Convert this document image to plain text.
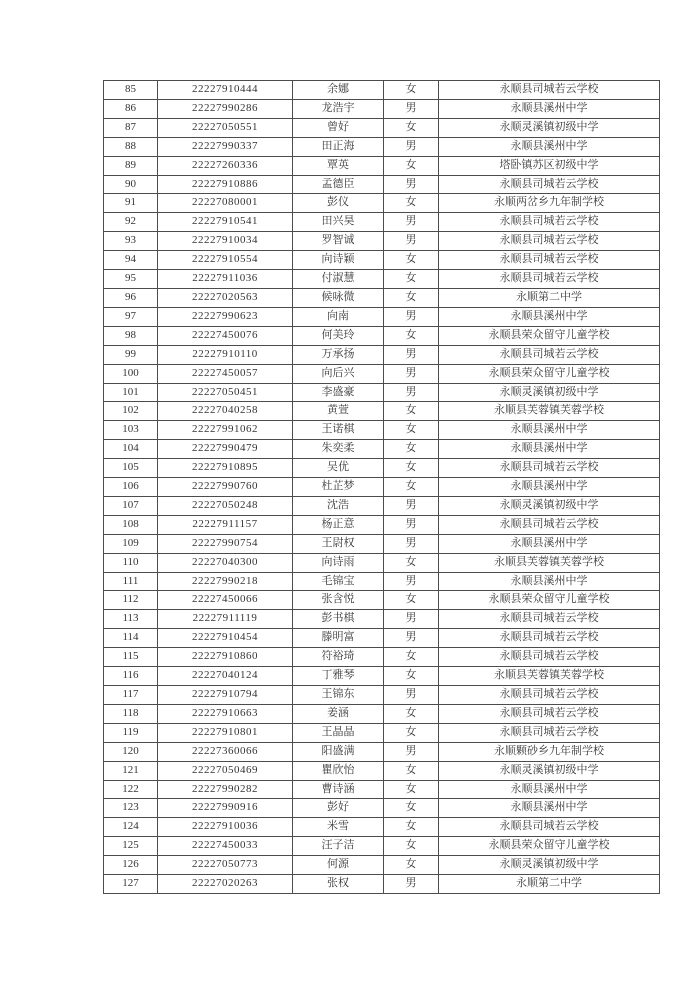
85	22227910444	余娜	女	永顺县司城若云学校
86	22227990286	龙浩宇	男	永顺县溪州中学
87	22227050551	曾好	女	永顺灵溪镇初级中学
88	22227990337	田正海	男	永顺县溪州中学
89	22227260336	覃英	女	塔卧镇苏区初级中学
90	22227910886	孟德臣	男	永顺县司城若云学校
91	22227080001	彭仪	女	永顺两岔乡九年制学校
92	22227910541	田兴昊	男	永顺县司城若云学校
93	22227910034	罗智诚	男	永顺县司城若云学校
94	22227910554	向诗颖	女	永顺县司城若云学校
95	22227911036	付淑慧	女	永顺县司城若云学校
96	22227020563	候咏微	女	永顺第二中学
97	22227990623	向南	男	永顺县溪州中学
98	22227450076	何美玲	女	永顺县荣众留守儿童学校
99	22227910110	万承扬	男	永顺县司城若云学校
100	22227450057	向后兴	男	永顺县荣众留守儿童学校
101	22227050451	李盛豪	男	永顺灵溪镇初级中学
102	22227040258	黄萱	女	永顺县芙蓉镇芙蓉学校
103	22227991062	王诺棋	女	永顺县溪州中学
104	22227990479	朱奕柔	女	永顺县溪州中学
105	22227910895	吴优	女	永顺县司城若云学校
106	22227990760	杜芷梦	女	永顺县溪州中学
107	22227050248	沈浩	男	永顺灵溪镇初级中学
108	22227911157	杨正意	男	永顺县司城若云学校
109	22227990754	王尉权	男	永顺县溪州中学
110	22227040300	向诗雨	女	永顺县芙蓉镇芙蓉学校
111	22227990218	毛锦宝	男	永顺县溪州中学
112	22227450066	张含悦	女	永顺县荣众留守儿童学校
113	22227911119	彭书棋	男	永顺县司城若云学校
114	22227910454	滕明富	男	永顺县司城若云学校
115	22227910860	符裕琦	女	永顺县司城若云学校
116	22227040124	丁雅琴	女	永顺县芙蓉镇芙蓉学校
117	22227910794	王锦东	男	永顺县司城若云学校
118	22227910663	姜涵	女	永顺县司城若云学校
119	22227910801	王晶晶	女	永顺县司城若云学校
120	22227360066	阳盛满	男	永顺颗砂乡九年制学校
121	22227050469	瞿欣怡	女	永顺灵溪镇初级中学
122	22227990282	曹诗涵	女	永顺县溪州中学
123	22227990916	彭好	女	永顺县溪州中学
124	22227910036	米雪	女	永顺县司城若云学校
125	22227450033	汪子洁	女	永顺县荣众留守儿童学校
126	22227050773	何源	女	永顺灵溪镇初级中学
127	22227020263	张权	男	永顺第二中学
